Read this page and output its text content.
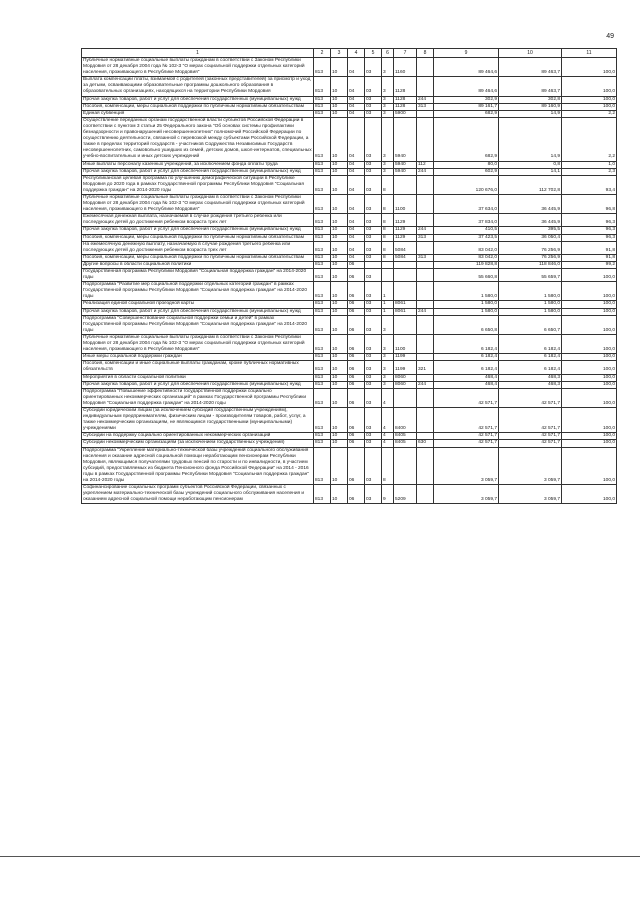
49
1	2	3	4	5	6	7	8	9	10	11
Публичные нормативные социальные выплаты гражданам в соответствии с Законом Республики Мордовия от 28 декабря 2004 года № 102-З "О мерах социальной поддержки отдельных категорий населения, проживающего в Республике Мордовия"	813	10	04	03	3	1160		89 464,6	89 463,7	100,0
Выплата компенсации платы, взимаемой с родителей (законных представителей) за присмотр и уход за детьми, осваивающими образовательные программы дошкольного образования в образовательных организациях, находящихся на территории Республики Мордовия	813	10	04	03	3	1128		89 464,6	89 463,7	100,0
Прочая закупка товаров, работ и услуг для обеспечения государственных (муниципальных) нужд	813	10	04	03	3	1128	244	302,9	302,8	100,0
Пособия, компенсации, меры социальной поддержки по публичным нормативным обязательствам	813	10	04	03	3	1128	313	89 161,7	89 160,9	100,0
Единая субвенция	813	10	04	03	3	5900		682,9	14,9	2,2
Осуществление переданных органам государственной власти субъектов Российской Федерации в соответствии с пунктом 3 статьи 25 Федерального закона "Об основах системы профилактики безнадзорности и правонарушений несовершеннолетних" полномочий Российской Федерации по осуществлению деятельности, связанной с перевозкой между субъектами Российской Федерации, а также в пределах территорий государств - участников Содружества Независимых Государств несовершеннолетних, самовольно ушедших из семей, детских домов, школ-интернатов, специальных учебно-воспитательных и иных детских учреждений	813	10	04	03	3	5940		682,9	14,9	2,2
Иные выплаты персоналу казенных учреждений, за исключением фонда оплаты труда	813	10	04	03	3	5940	112	80,0	0,8	1,0
Прочая закупка товаров, работ и услуг для обеспечения государственных (муниципальных) нужд	813	10	04	03	3	5940	244	602,9	14,1	2,3
Республиканская целевая программа по улучшению демографической ситуации в Республике Мордовия до 2020 года в рамках Государственной программы Республики Мордовия "Социальная поддержка граждан" на 2014-2020 годы	813	10	04	03	8			120 676,0	112 702,8	93,4
Публичные нормативные социальные выплаты гражданам в соответствии с Законом Республики Мордовия от 28 декабря 2004 года № 102-З "О мерах социальной поддержки отдельных категорий населения, проживающего в Республике Мордовия"	813	10	04	03	8	1100		37 634,0	36 445,9	96,8
Ежемесячная денежная выплата, назначаемая в случае рождения третьего ребенка или последующих детей до достижения ребенком возраста трех лет	813	10	04	03	8	1129		37 834,0	36 445,9	96,3
Прочая закупка товаров, работ и услуг для обеспечения государственных (муниципальных) нужд	813	10	04	03	8	1129	244	410,5	395,5	96,3
Пособия, компенсации, меры социальной поддержки по публичным нормативным обязательствам	813	10	04	03	8	1129	313	37 423,5	36 050,4	96,3
На ежемесячную денежную выплату, назначаемую в случае рождения третьего ребенка или последующих детей до достижения ребенком возраста трех лет	813	10	04	03	8	5084		83 042,0	76 256,9	91,8
Пособия, компенсации, меры социальной поддержки по публичным нормативным обязательствам	813	10	04	03	8	5084	313	83 042,0	76 256,9	91,8
Другие вопросы в области социальной политики	813	10	06					119 828,8	118 846,0	99,2
Государственная программа Республики Мордовия "Социальная поддержка граждан" на 2014-2020 годы	813	10	06	03				55 660,8	55 659,7	100,0
Подпрограмма "Развитие мер социальной поддержки отдельных категорий граждан" в рамках Государственной программы Республики Мордовия "Социальная поддержка граждан" на 2014-2020 годы	813	10	06	03	1			1 580,0	1 580,0	100,0
Реализация единой социальной проездной карты	813	10	06	03	1	8061		1 580,0	1 580,0	100,0
Прочая закупка товаров, работ и услуг для обеспечения государственных (муниципальных) нужд	813	10	06	03	1	8061	244	1 580,0	1 580,0	100,0
Подпрограмма "Совершенствование социальной поддержки семьи и детей" в рамках Государственной программы Республики Мордовия "Социальная поддержка граждан" на 2014-2020 годы	813	10	06	03	3			6 650,8	6 650,7	100,0
Публичные нормативные социальные выплаты гражданам в соответствии с Законом Республики Мордовия от 28 декабря 2004 года № 102-З "О мерах социальной поддержки отдельных категорий населения, проживающего в Республике Мордовия"	813	10	06	03	3	1100		6 182,4	6 182,4	100,0
Иные меры социальной поддержки граждан	813	10	06	03	3	1199		6 182,4	6 182,4	100,0
Пособия, компенсации и иные социальные выплаты гражданам, кроме публичных нормативных обязательств	813	10	06	03	3	1199	321	6 182,4	6 182,4	100,0
Мероприятия в области социальной политики	813	10	06	03	3	8060		468,4	468,3	100,0
Прочая закупка товаров, работ и услуг для обеспечения государственных (муниципальных) нужд	813	10	06	03	3	8060	244	468,4	468,3	100,0
Подпрограмма "Повышение эффективности государственной поддержки социально ориентированных некоммерческих организаций" в рамках Государственной программы Республики Мордовия "Социальная поддержка граждан" на 2014-2020 годы	813	10	06	03	4			42 571,7	42 571,7	100,0
Субсидии юридическим лицам (за исключением субсидий государственным учреждениям), индивидуальным предпринимателям, физическим лицам - производителям товаров, работ, услуг, а также некоммерческим организациям, не являющимся государственными (муниципальными) учреждениями	813	10	06	03	4	8400		42 571,7	42 571,7	100,0
Субсидии на поддержку социально ориентированных некоммерческих организаций	813	10	06	03	4	8405		42 571,7	42 571,7	100,0
Субсидии некоммерческим организациям (за исключением государственных учреждений)	813	10	06	03	4	8405	630	42 571,7	42 571,7	100,0
Подпрограмма "Укрепление материально-технической базы учреждений социального обслуживания населения и оказание адресной социальной помощи неработающим пенсионерам Республики Мордовия, являющимся получателями трудовых пенсий по старости и по инвалидности, в участием субсидий, предоставляемых из бюджета Пенсионного фонда Российской Федерации" на 2014 - 2016 годы в рамках Государственной программы Республики Мордовия "Социальная поддержка граждан" на 2014-2020 годы	813	10	06	03	8			3 059,7	3 059,7	100,0
Софинансирование социальных программ субъектов Российской Федерации, связанных с укреплением материально-технической базы учреждений социального обслуживания населения и оказанием адресной социальной помощи неработающим пенсионерам	813	10	06	03	9	5209		3 059,7	3 059,7	100,0
